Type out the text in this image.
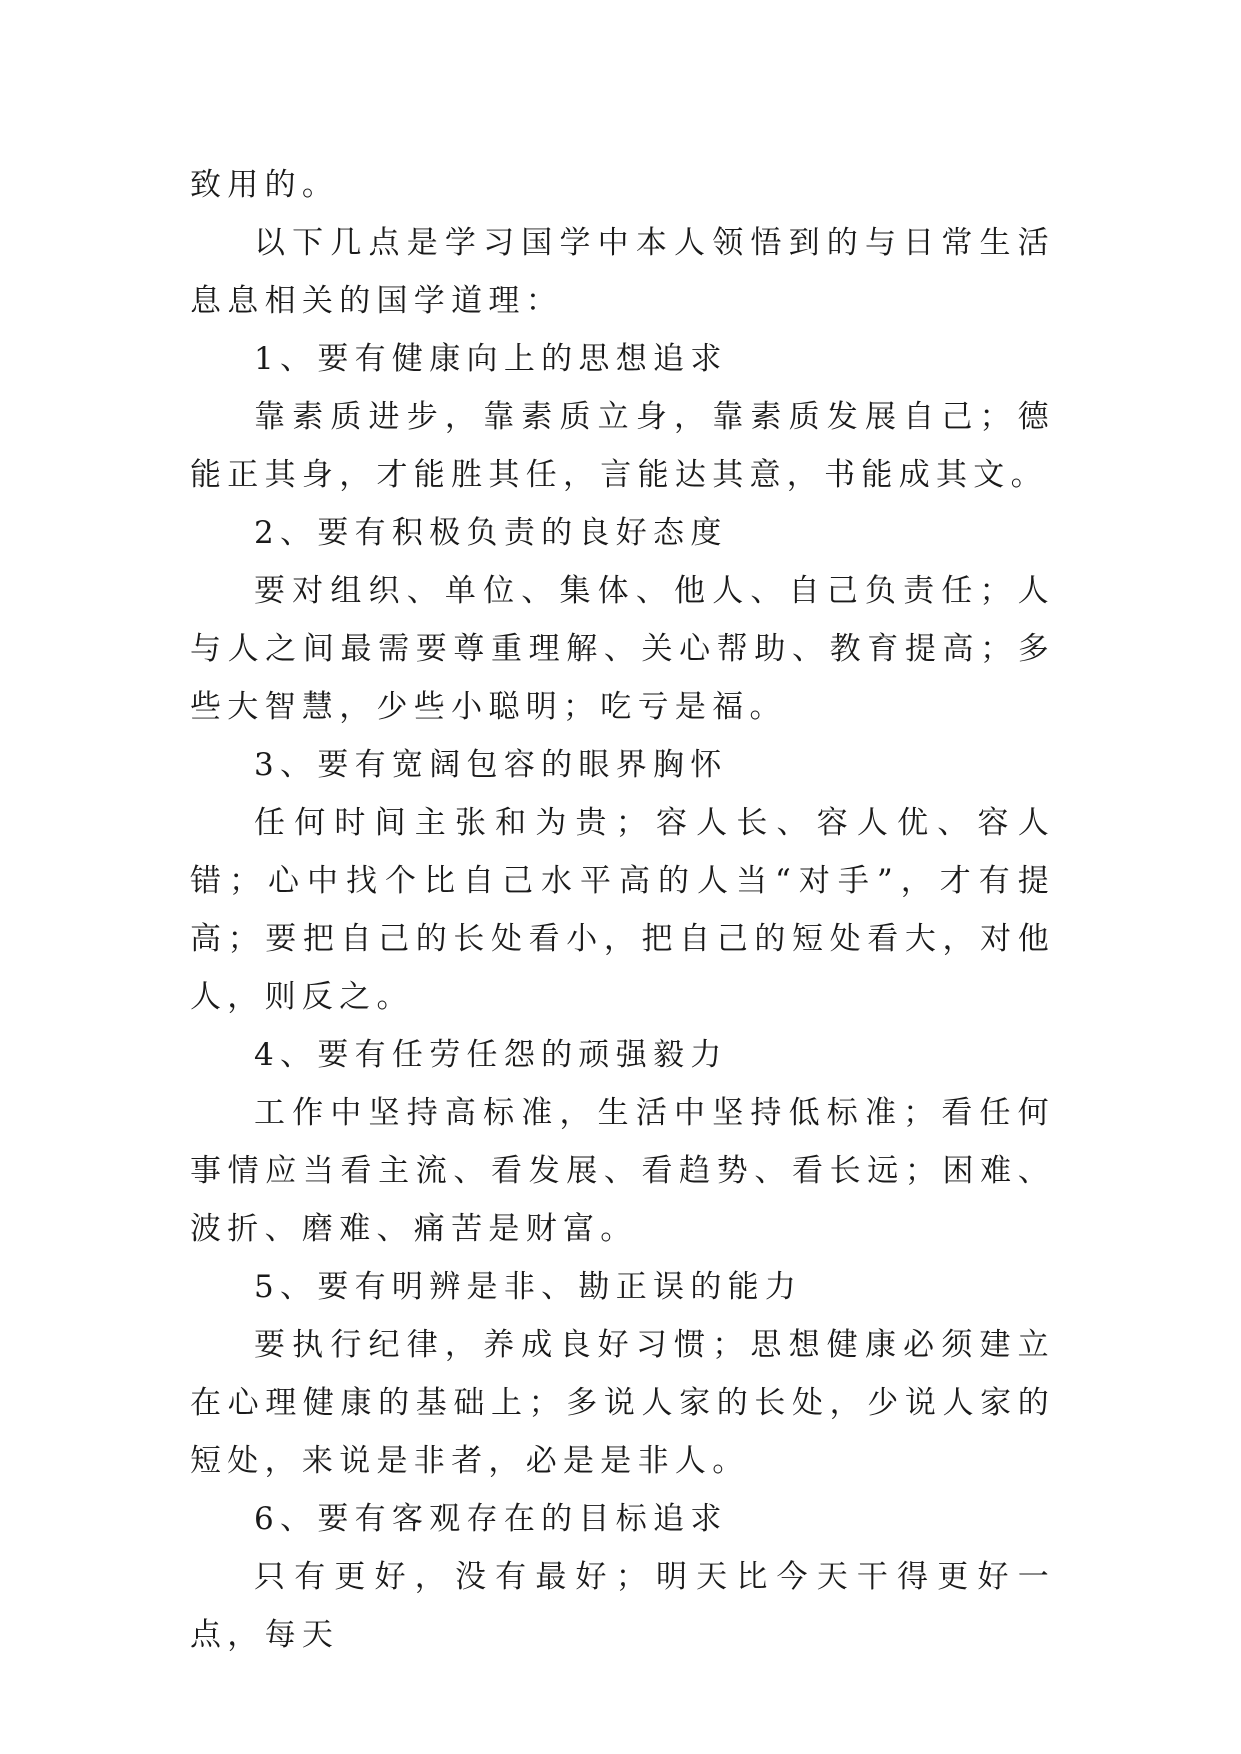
致用的。

以下几点是学习国学中本人领悟到的与日常生活息息相关的国学道理：

1、要有健康向上的思想追求

靠素质进步，靠素质立身，靠素质发展自己；德能正其身，才能胜其任，言能达其意，书能成其文。

2、要有积极负责的良好态度

要对组织、单位、集体、他人、自己负责任；人与人之间最需要尊重理解、关心帮助、教育提高；多些大智慧，少些小聪明；吃亏是福。

3、要有宽阔包容的眼界胸怀

任何时间主张和为贵；容人长、容人优、容人错；心中找个比自己水平高的人当“对手”，才有提高；要把自己的长处看小，把自己的短处看大，对他人，则反之。

4、要有任劳任怨的顽强毅力

工作中坚持高标准，生活中坚持低标准；看任何事情应当看主流、看发展、看趋势、看长远；困难、波折、磨难、痛苦是财富。

5、要有明辨是非、勘正误的能力

要执行纪律，养成良好习惯；思想健康必须建立在心理健康的基础上；多说人家的长处，少说人家的短处，来说是非者，必是是非人。

6、要有客观存在的目标追求

只有更好，没有最好；明天比今天干得更好一点，每天
